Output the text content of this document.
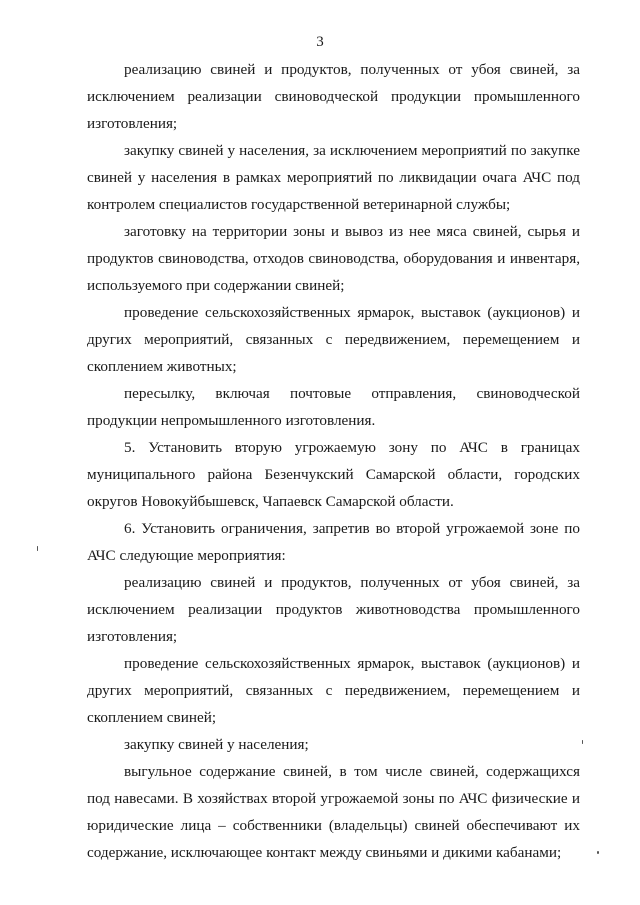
3

реализацию свиней и продуктов, полученных от убоя свиней, за исключением реализации свиноводческой продукции промышленного изготовления;

закупку свиней у населения, за исключением мероприятий по закупке свиней у населения в рамках мероприятий по ликвидации очага АЧС под контролем специалистов государственной ветеринарной службы;

заготовку на территории зоны и вывоз из нее мяса свиней, сырья и продуктов свиноводства, отходов свиноводства, оборудования и инвентаря, используемого при содержании свиней;

проведение сельскохозяйственных ярмарок, выставок (аукционов) и других мероприятий, связанных с передвижением, перемещением и скоплением животных;

пересылку, включая почтовые отправления, свиноводческой продукции непромышленного изготовления.

5. Установить вторую угрожаемую зону по АЧС в границах муниципального района Безенчукский Самарской области, городских округов Новокуйбышевск, Чапаевск Самарской области.

6. Установить ограничения, запретив во второй угрожаемой зоне по АЧС следующие мероприятия:

реализацию свиней и продуктов, полученных от убоя свиней, за исключением реализации продуктов животноводства промышленного изготовления;

проведение сельскохозяйственных ярмарок, выставок (аукционов) и других мероприятий, связанных с передвижением, перемещением и скоплением свиней;

закупку свиней у населения;

выгульное содержание свиней, в том числе свиней, содержащихся под навесами. В хозяйствах второй угрожаемой зоны по АЧС физические и юридические лица – собственники (владельцы) свиней обеспечивают их содержание, исключающее контакт между свиньями и дикими кабанами;
